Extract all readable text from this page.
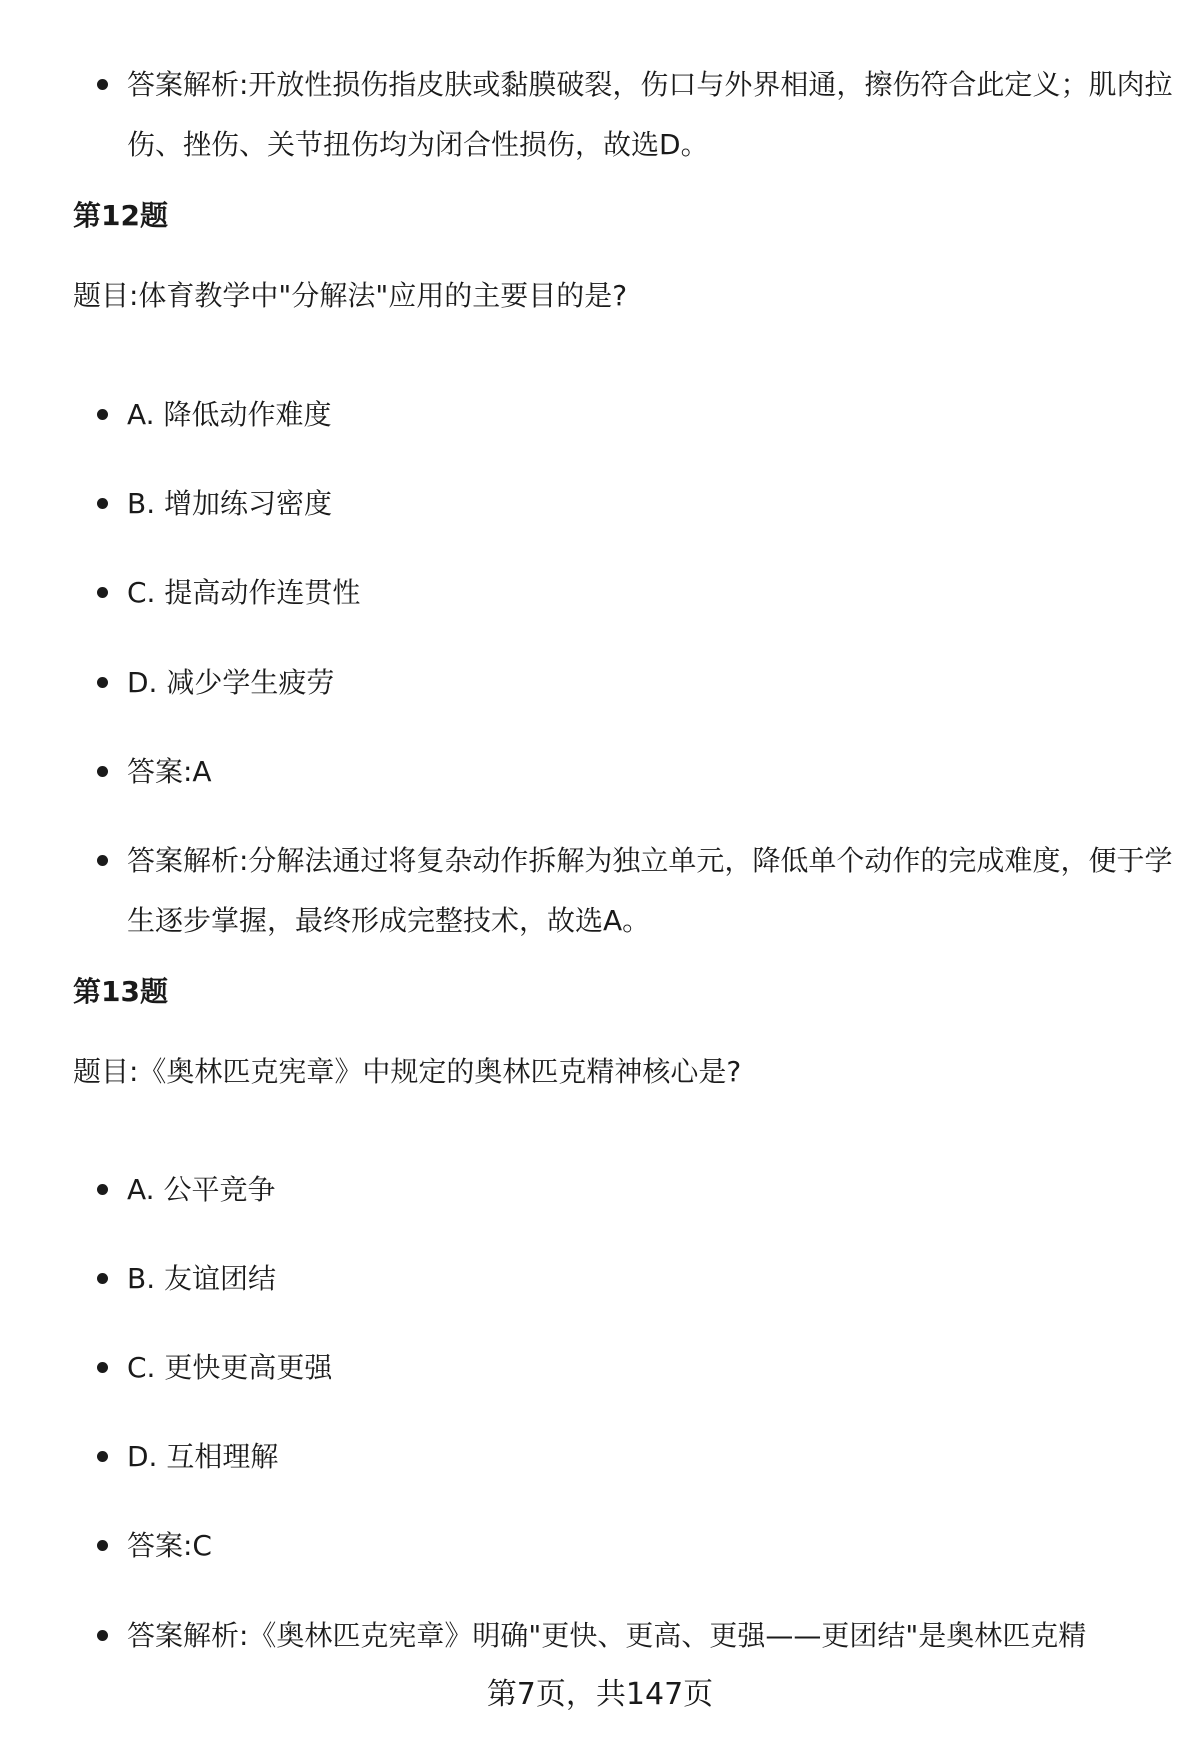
答案解析:开放性损伤指皮肤或黏膜破裂，伤口与外界相通，擦伤符合此定义；肌肉拉伤、挫伤、关节扭伤均为闭合性损伤，故选D。
第12题
题目:体育教学中"分解法"应用的主要目的是?
A. 降低动作难度
B. 增加练习密度
C. 提高动作连贯性
D. 减少学生疲劳
答案:A
答案解析:分解法通过将复杂动作拆解为独立单元，降低单个动作的完成难度，便于学生逐步掌握，最终形成完整技术，故选A。
第13题
题目:《奥林匹克宪章》中规定的奥林匹克精神核心是?
A. 公平竞争
B. 友谊团结
C. 更快更高更强
D. 互相理解
答案:C
答案解析:《奥林匹克宪章》明确"更快、更高、更强——更团结"是奥林匹克精
第7页，共147页
